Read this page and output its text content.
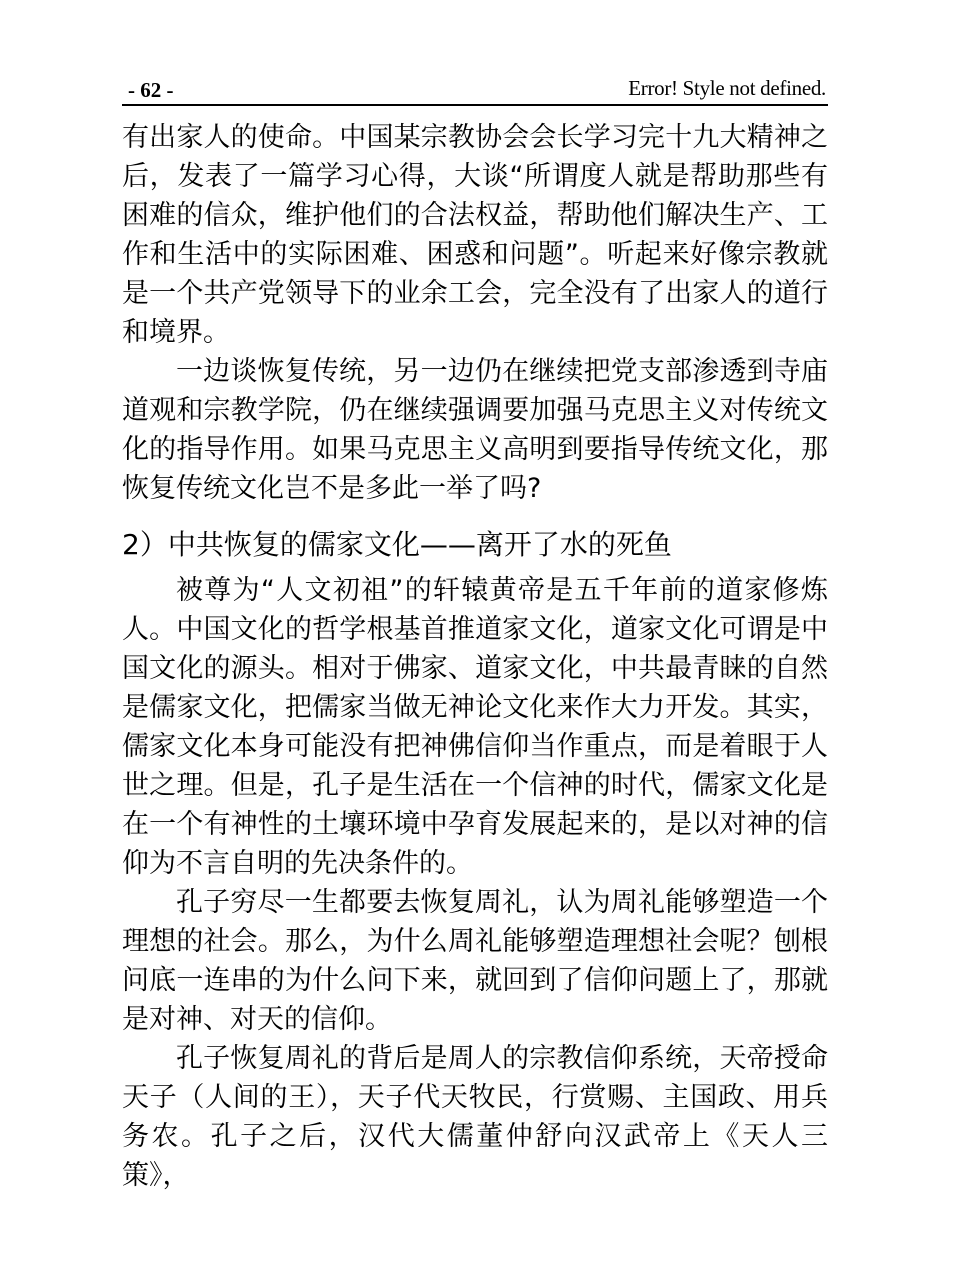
- 62 -	Error! Style not defined.

有出家人的使命。中国某宗教协会会长学习完十九大精神之后，发表了一篇学习心得，大谈“所谓度人就是帮助那些有困难的信众，维护他们的合法权益，帮助他们解决生产、工作和生活中的实际困难、困惑和问题”。听起来好像宗教就是一个共产党领导下的业余工会，完全没有了出家人的道行和境界。

一边谈恢复传统，另一边仍在继续把党支部渗透到寺庙道观和宗教学院，仍在继续强调要加强马克思主义对传统文化的指导作用。如果马克思主义高明到要指导传统文化，那恢复传统文化岂不是多此一举了吗?

2）中共恢复的儒家文化——离开了水的死鱼

被尊为“人文初祖”的轩辕黄帝是五千年前的道家修炼人。中国文化的哲学根基首推道家文化，道家文化可谓是中国文化的源头。相对于佛家、道家文化，中共最青睐的自然是儒家文化，把儒家当做无神论文化来作大力开发。其实，儒家文化本身可能没有把神佛信仰当作重点，而是着眼于人世之理。但是，孔子是生活在一个信神的时代，儒家文化是在一个有神性的土壤环境中孕育发展起来的，是以对神的信仰为不言自明的先决条件的。

孔子穷尽一生都要去恢复周礼，认为周礼能够塑造一个理想的社会。那么，为什么周礼能够塑造理想社会呢？刨根问底一连串的为什么问下来，就回到了信仰问题上了，那就是对神、对天的信仰。

孔子恢复周礼的背后是周人的宗教信仰系统，天帝授命天子（人间的王），天子代天牧民，行赏赐、主国政、用兵务农。孔子之后，汉代大儒董仲舒向汉武帝上《天人三策》，
